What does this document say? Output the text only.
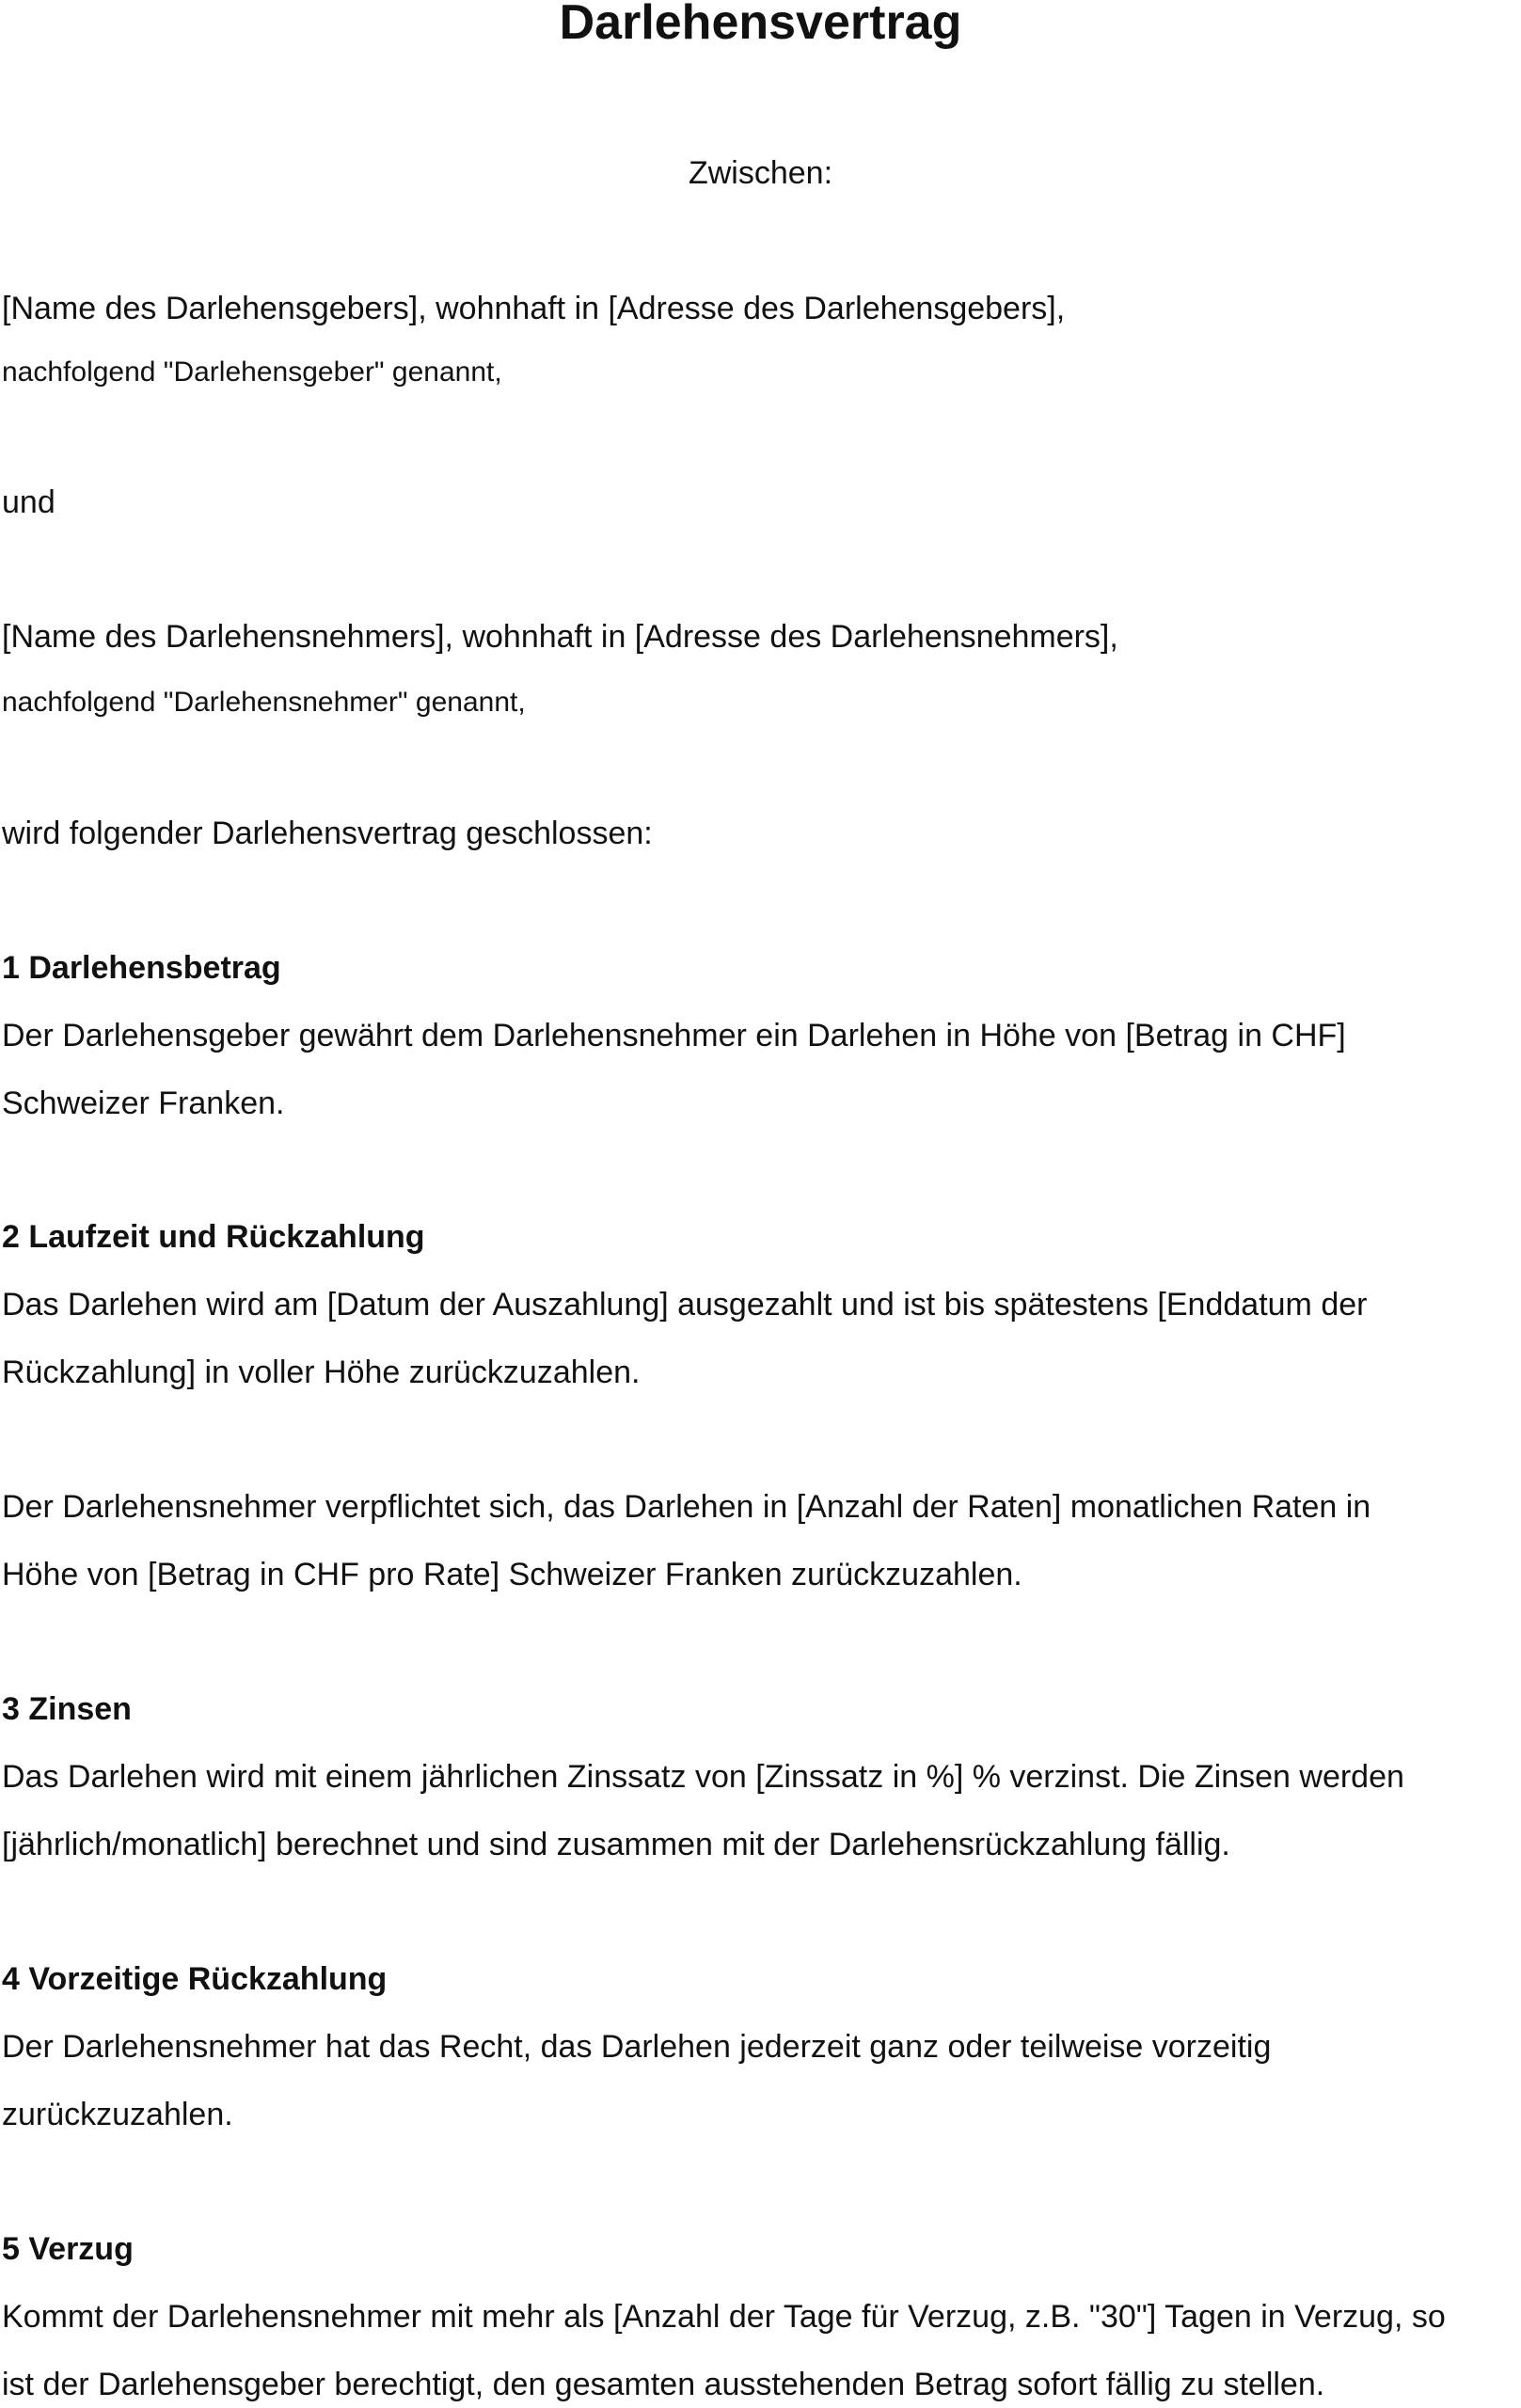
Darlehensvertrag
Zwischen:
[Name des Darlehensgebers], wohnhaft in [Adresse des Darlehensgebers],
nachfolgend "Darlehensgeber" genannt,
und
[Name des Darlehensnehmers], wohnhaft in [Adresse des Darlehensnehmers],
nachfolgend "Darlehensnehmer" genannt,
wird folgender Darlehensvertrag geschlossen:
1 Darlehensbetrag
Der Darlehensgeber gewährt dem Darlehensnehmer ein Darlehen in Höhe von [Betrag in CHF]
Schweizer Franken.
2 Laufzeit und Rückzahlung
Das Darlehen wird am [Datum der Auszahlung] ausgezahlt und ist bis spätestens [Enddatum der
Rückzahlung] in voller Höhe zurückzuzahlen.
Der Darlehensnehmer verpflichtet sich, das Darlehen in [Anzahl der Raten] monatlichen Raten in
Höhe von [Betrag in CHF pro Rate] Schweizer Franken zurückzuzahlen.
3 Zinsen
Das Darlehen wird mit einem jährlichen Zinssatz von [Zinssatz in %] % verzinst. Die Zinsen werden
[jährlich/monatlich] berechnet und sind zusammen mit der Darlehensrückzahlung fällig.
4 Vorzeitige Rückzahlung
Der Darlehensnehmer hat das Recht, das Darlehen jederzeit ganz oder teilweise vorzeitig
zurückzuzahlen.
5 Verzug
Kommt der Darlehensnehmer mit mehr als [Anzahl der Tage für Verzug, z.B. "30"] Tagen in Verzug, so
ist der Darlehensgeber berechtigt, den gesamten ausstehenden Betrag sofort fällig zu stellen.
